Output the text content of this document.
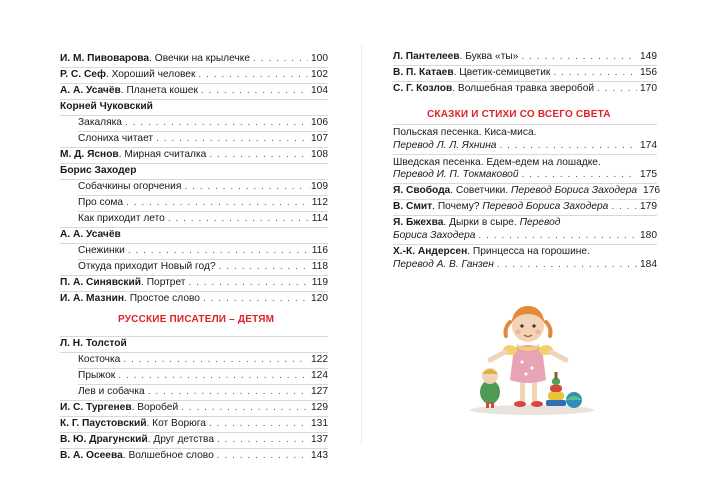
И. М. Пивоварова. Овечки на крылечке . . .	100
Р. С. Сеф. Хороший человек . . .	102
А. А. Усачёв. Планета кошек . . .	104
Корней Чуковский
Закаляка . . .	106
Слониха читает . . .	107
М. Д. Яснов. Мирная считалка . . .	108
Борис Заходер
Собачкины огорчения . . .	109
Про сома . . .	112
Как приходит лето . . .	114
А. А. Усачёв
Снежинки . . .	116
Откуда приходит Новый год? . . .	118
П. А. Синявский. Портрет . . .	119
И. А. Мазнин. Простое слово . . .	120
РУССКИЕ ПИСАТЕЛИ – ДЕТЯМ
Л. Н. Толстой
Косточка . . .	122
Прыжок . . .	124
Лев и собачка . . .	127
И. С. Тургенев. Воробей . . .	129
К. Г. Паустовский. Кот Ворюга . . .	131
В. Ю. Драгунский. Друг детства . . .	137
В. А. Осеева. Волшебное слово . . .	143
Л. Пантелеев. Буква «ты» . . .	149
В. П. Катаев. Цветик-семицветик . . .	156
С. Г. Козлов. Волшебная травка зверобой . . .	170
СКАЗКИ И СТИХИ СО ВСЕГО СВЕТА
Польская песенка. Киса-миса.
Перевод Л. Л. Яхнина . . .	174
Шведская песенка. Едем-едем на лошадке.
Перевод И. П. Токмаковой . . .	175
Я. Свобода. Советчики. Перевод Бориса Заходера 176
В. Смит. Почему? Перевод Бориса Заходера . . .	179
Я. Бжехва. Дырки в сыре. Перевод
Бориса Заходера . . .	180
Х.-К. Андерсен. Принцесса на горошине.
Перевод А. В. Ганзен . . .	184
